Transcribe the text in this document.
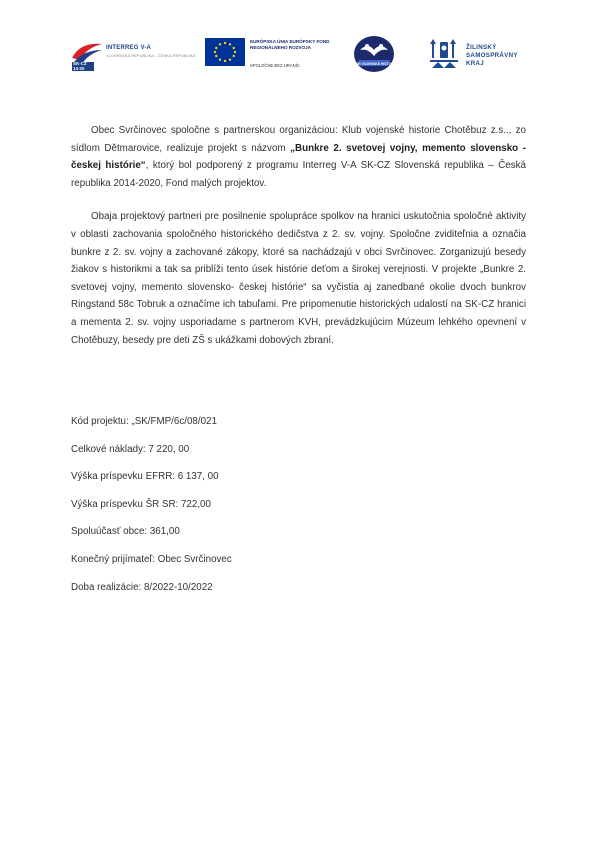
SK-CZ 14-20
INTERREG V-A
SLOVENSKÁ REPUBLIKA – ČESKÁ REPUBLIKA
EURÓPSKA ÚNIA EURÓPSKY FOND REGIONÁLNEHO ROZVOJA
SPOLOČNE BEZ HRANÍC	KLUB VOJENSKÉ HISTORIE
ŽILINSKÝ
SAMOSPRÁVNY
KRAJ

Obec Svrčinovec spoločne s partnerskou organizáciou: Klub vojenské historie Chotěbuz z.s.., zo sídlom Dětmarovice, realizuje projekt s názvom „Bunkre 2. svetovej vojny, memento slovensko - českej histórie“, ktorý bol podporený z programu Interreg V-A SK-CZ Slovenská republika – Česká republika 2014-2020, Fond malých projektov.

Obaja projektový partneri pre posilnenie spolupráce spolkov na hranici uskutočnia spoločné aktivity v oblasti zachovania spoločného historického dedičstva z 2. sv. vojny. Spoločne zviditeľnia a označia bunkre z 2. sv. vojny a zachované zákopy, ktoré sa nachádzajú v obci Svrčinovec. Zorganizujú besedy žiakov s historikmi a tak sa priblíži tento úsek histórie deťom a širokej verejnosti. V projekte „Bunkre 2. svetovej vojny, memento slovensko- českej histórie“ sa vyčistia aj zanedbané okolie dvoch bunkrov Ringstand 58c Tobruk a označíme ich tabuľami. Pre pripomenutie historických udalostí na SK-CZ hranici a mementa 2. sv. vojny usporiadame s partnerom KVH, prevádzkujúcim Múzeum lehkého opevnení v Chotěbuzy, besedy pre deti ZŠ s ukážkami dobových zbraní.

Kód projektu: „SK/FMP/6c/08/021
Celkové náklady: 7 220, 00
Výška príspevku EFRR: 6 137, 00
Výška príspevku ŠR SR: 722,00
Spoluúčasť obce: 361,00
Konečný prijímateľ: Obec Svrčinovec
Doba realizácie: 8/2022-10/2022
